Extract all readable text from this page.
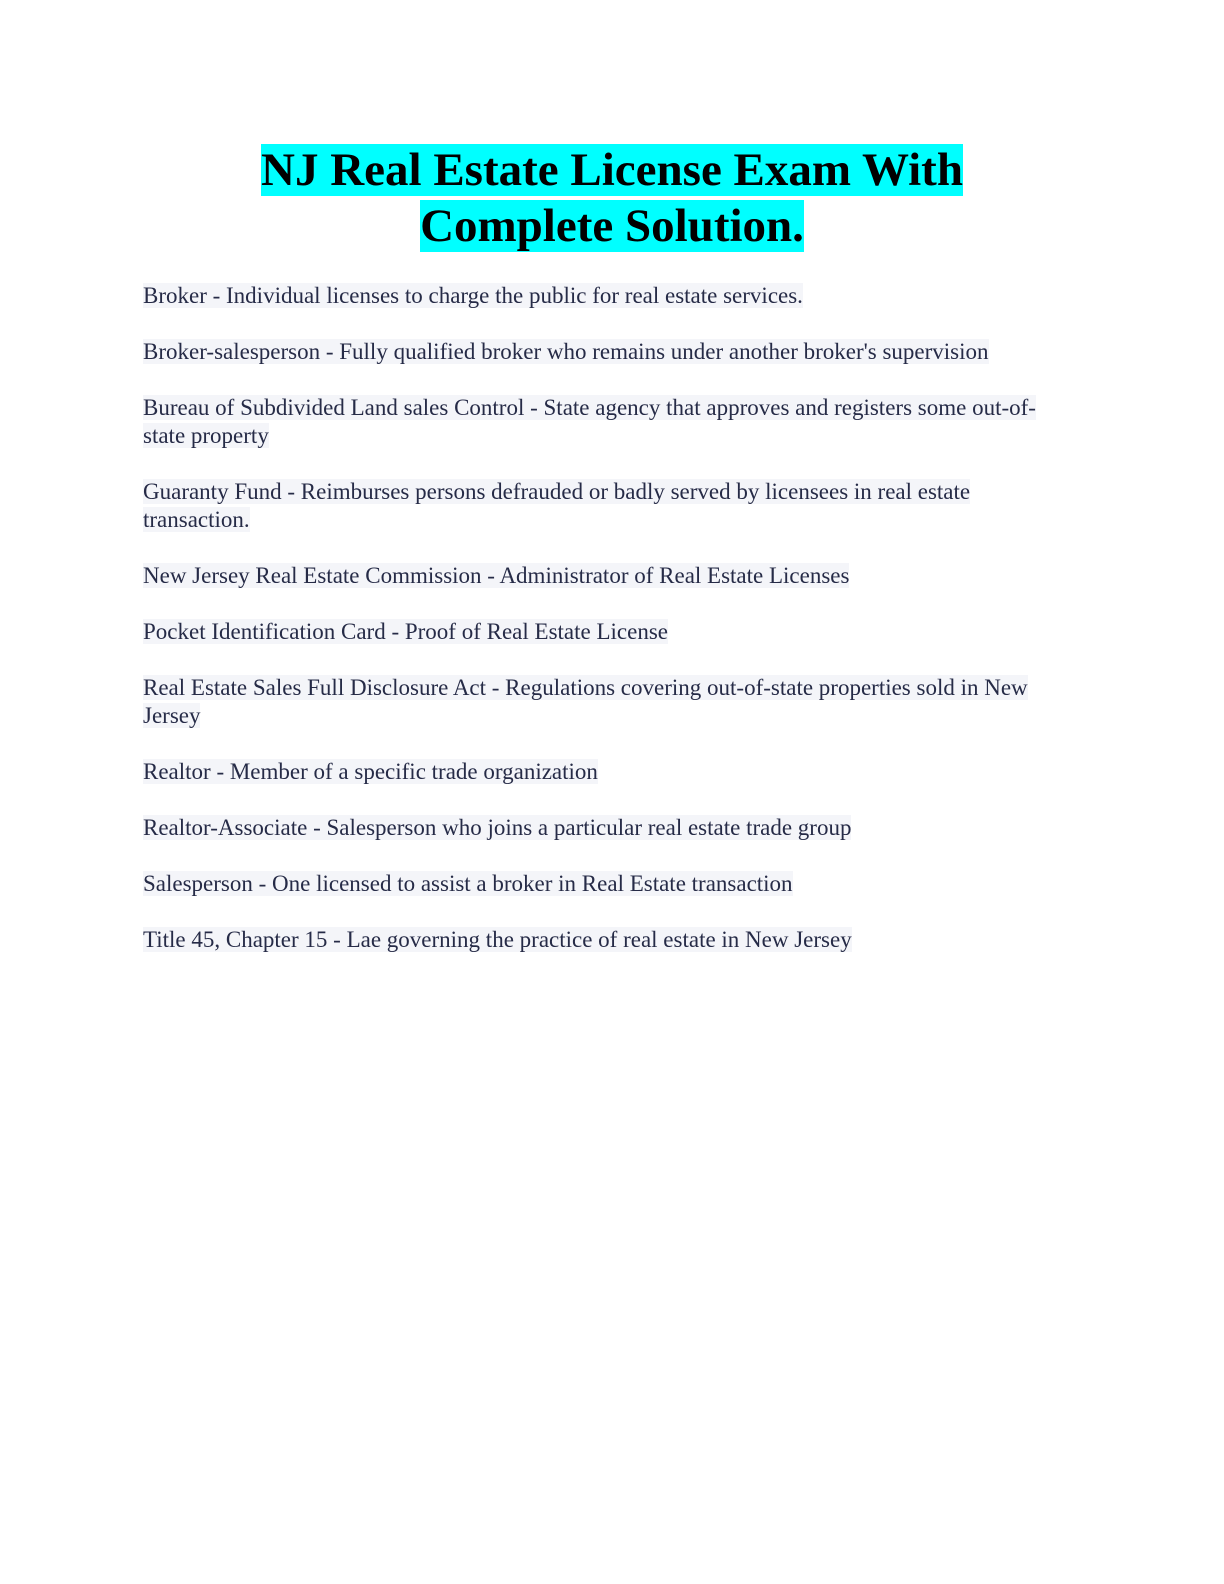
NJ Real Estate License Exam With
Complete Solution.

Broker - Individual licenses to charge the public for real estate services.

Broker-salesperson - Fully qualified broker who remains under another broker's supervision

Bureau of Subdivided Land sales Control - State agency that approves and registers some out-of-state property

Guaranty Fund - Reimburses persons defrauded or badly served by licensees in real estate transaction.

New Jersey Real Estate Commission - Administrator of Real Estate Licenses

Pocket Identification Card - Proof of Real Estate License

Real Estate Sales Full Disclosure Act - Regulations covering out-of-state properties sold in New Jersey

Realtor - Member of a specific trade organization

Realtor-Associate - Salesperson who joins a particular real estate trade group

Salesperson - One licensed to assist a broker in Real Estate transaction

Title 45, Chapter 15 - Lae governing the practice of real estate in New Jersey
